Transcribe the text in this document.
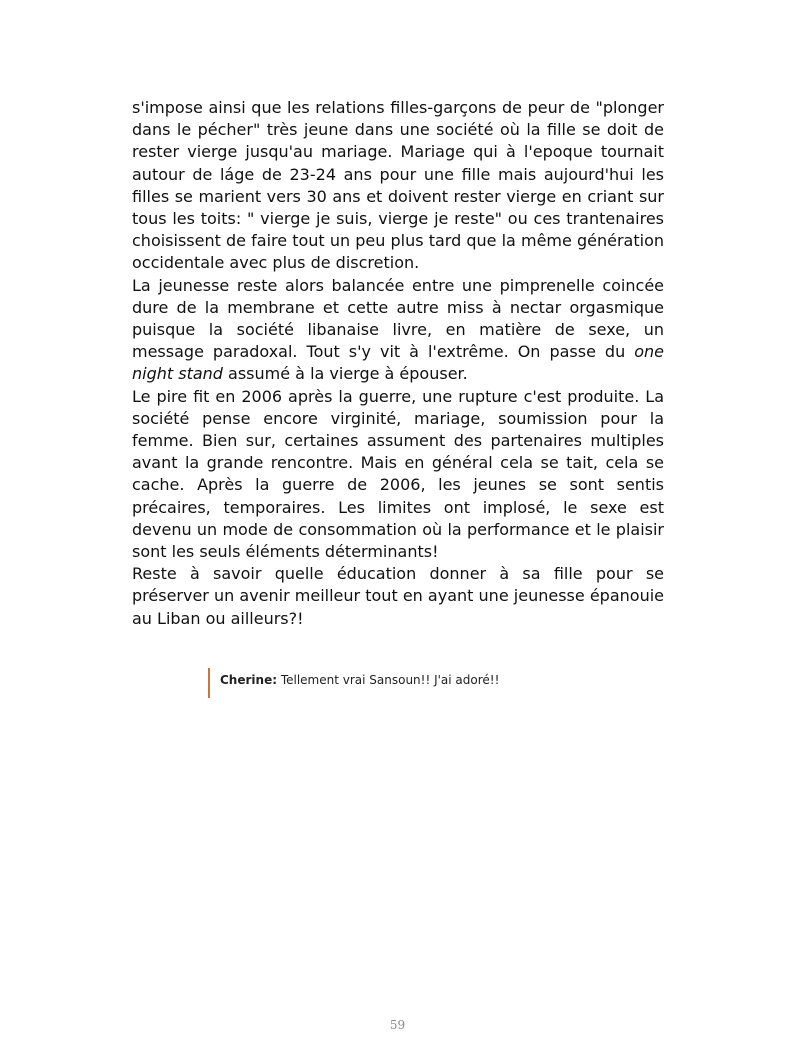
s'impose ainsi que les relations filles-garçons de peur de "plonger dans le pécher" très jeune dans une société où la fille se doit de rester vierge jusqu'au mariage. Mariage qui à l'epoque tournait autour de láge de 23-24 ans pour une fille mais aujourd'hui les filles se marient vers 30 ans et doivent rester vierge en criant sur tous les toits: " vierge je suis, vierge je reste" ou ces trantenaires choisissent de faire tout un peu plus tard que la même génération occidentale avec plus de discretion.

La jeunesse reste alors balancée entre une pimprenelle coincée dure de la membrane et cette autre miss à nectar orgasmique puisque la société libanaise livre, en matière de sexe, un message paradoxal. Tout s'y vit à l'extrême. On passe du one night stand assumé à la vierge à épouser.

Le pire fit en 2006 après la guerre, une rupture c'est produite. La société pense encore virginité, mariage, soumission pour la femme. Bien sur, certaines assument des partenaires multiples avant la grande rencontre. Mais en général cela se tait, cela se cache. Après la guerre de 2006, les jeunes se sont sentis précaires, temporaires. Les limites ont implosé, le sexe est devenu un mode de consommation où la performance et le plaisir sont les seuls éléments déterminants!

Reste à savoir quelle éducation donner à sa fille pour se préserver un avenir meilleur tout en ayant une jeunesse épanouie au Liban ou ailleurs?!

Cherine: Tellement vrai Sansoun!! J'ai adoré!!
59
